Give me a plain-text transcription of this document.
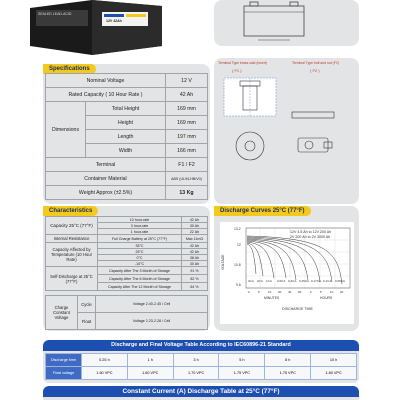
SEALED LEAD-ACID
12V 42Ah
Specifications
Nominal Voltage		12 V
Rated Capacity ( 10 Hour Rate )		42 Ah
Dimensions	Total Height	169 mm
	Height	169 mm
	Length	197 mm
	Width	166 mm
Terminal		F1 / F2
Container Material		ABS (UL94-HB/V0)
Weight Approx (±2.5%)		13 Kg
Terminal Type brass cast (insert)
( F1 )
Terminal Type bolt and nut (F2)
( F2 )
Characteristics
Capacity 25°C (77°F)	10 hour-rate	42 Ah
	3 hour-rate	30 Ah
	1 hour-rate	22 Ah
Internal Resistance	Full Charge Battery at 25°C (77°F)	Max 11mΩ
Capacity Affected by Temperature (10 Hour Rate)	35°C	42 Ah
	25°C	42 Ah
	0°C	38 Ah
	-10°C	30 Ah
Self-Discharge at 25°C (77°F)	Capacity After The 3 Month of Storage	91 %
	Capacity After The 6 Month of Storage	82 %
	Capacity After The 12 Month of Storage	64 %
Charge Constant Voltage	Cycle	Voltage 2.40-2.45 / Cell
	Float	Voltage 2.23-2.28 / Cell
Discharge Curves 25°C (77°F)
12V 4.5 Ah to 12V 200 Ah
2V 200 Ah to 2V 3000 Ah
13.2
12
10.8
9.6
VOLTAGE
3CA 2CA 1CA 0.6CA 0.4CA 0.25CA 0.17CA 0.1CA 0.05CA
MINUTES	HOURS
2	5	10 20 40 60	2	5	10 20
DISCHARGE TIME
Discharge and Final Voltage Table According to IEC60896-21 Standard
Discharge time	0.25 h	1 h	3 h	5 h	8 h	10 h
Final voltage	1.60 VPC	1.60 VPC	1.70 VPC	1.75 VPC	1.75 VPC	1.80 VPC
Constant Current (A) Discharge Table at 25°C (77°F)
